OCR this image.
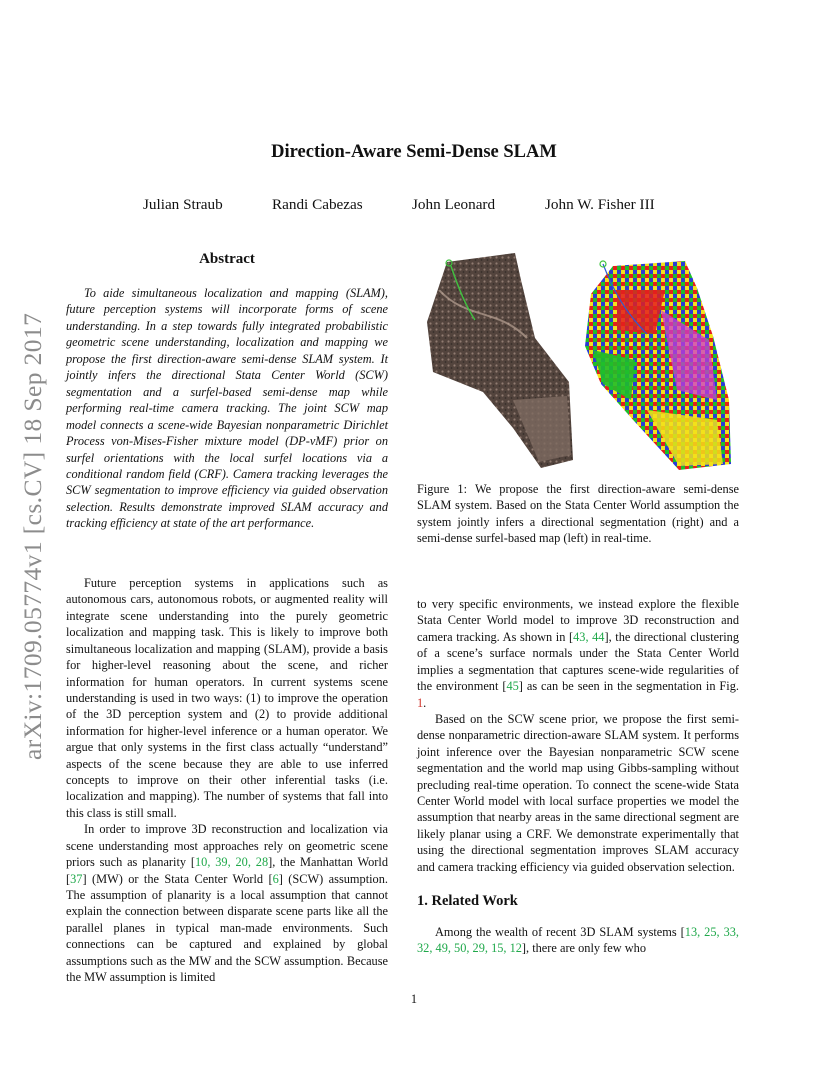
arXiv:1709.05774v1 [cs.CV] 18 Sep 2017
Direction-Aware Semi-Dense SLAM
Julian Straub	Randi Cabezas	John Leonard	John W. Fisher III
Abstract

To aide simultaneous localization and mapping (SLAM), future perception systems will incorporate forms of scene understanding. In a step towards fully integrated probabilistic geometric scene understanding, localization and mapping we propose the first direction-aware semi-dense SLAM system. It jointly infers the directional Stata Center World (SCW) segmentation and a surfel-based semi-dense map while performing real-time camera tracking. The joint SCW map model connects a scene-wide Bayesian nonparametric Dirichlet Process von-Mises-Fisher mixture model (DP-vMF) prior on surfel orientations with the local surfel locations via a conditional random field (CRF). Camera tracking leverages the SCW segmentation to improve efficiency via guided observation selection. Results demonstrate improved SLAM accuracy and tracking efficiency at state of the art performance.

Figure 1: We propose the first direction-aware semi-dense SLAM system. Based on the Stata Center World assumption the system jointly infers a directional segmentation (right) and a semi-dense surfel-based map (left) in real-time.

Future perception systems in applications such as autonomous cars, autonomous robots, or augmented reality will integrate scene understanding into the purely geometric localization and mapping task. This is likely to improve both simultaneous localization and mapping (SLAM), provide a basis for higher-level reasoning about the scene, and richer information for human operators. In current systems scene understanding is used in two ways: (1) to improve the operation of the 3D perception system and (2) to provide additional information for higher-level inference or a human operator. We argue that only systems in the first class actually “understand” aspects of the scene because they are able to use inferred concepts to improve on their other inferential tasks (i.e. localization and mapping). The number of systems that fall into this class is still small.

In order to improve 3D reconstruction and localization via scene understanding most approaches rely on geometric scene priors such as planarity [10, 39, 20, 28], the Manhattan World [37] (MW) or the Stata Center World [6] (SCW) assumption. The assumption of planarity is a local assumption that cannot explain the connection between disparate scene parts like all the parallel planes in typical man-made environments. Such connections can be captured and explained by global assumptions such as the MW and the SCW assumption. Because the MW assumption is limited

to very specific environments, we instead explore the flexible Stata Center World model to improve 3D reconstruction and camera tracking. As shown in [43, 44], the directional clustering of a scene’s surface normals under the Stata Center World implies a segmentation that captures scene-wide regularities of the environment [45] as can be seen in the segmentation in Fig. 1.

Based on the SCW scene prior, we propose the first semi-dense nonparametric direction-aware SLAM system. It performs joint inference over the Bayesian nonparametric SCW scene segmentation and the world map using Gibbs-sampling without precluding real-time operation. To connect the scene-wide Stata Center World model with local surface properties we model the assumption that nearby areas in the same directional segment are likely planar using a CRF. We demonstrate experimentally that using the directional segmentation improves SLAM accuracy and camera tracking efficiency via guided observation selection.

1. Related Work

Among the wealth of recent 3D SLAM systems [13, 25, 33, 32, 49, 50, 29, 15, 12], there are only few who

1
